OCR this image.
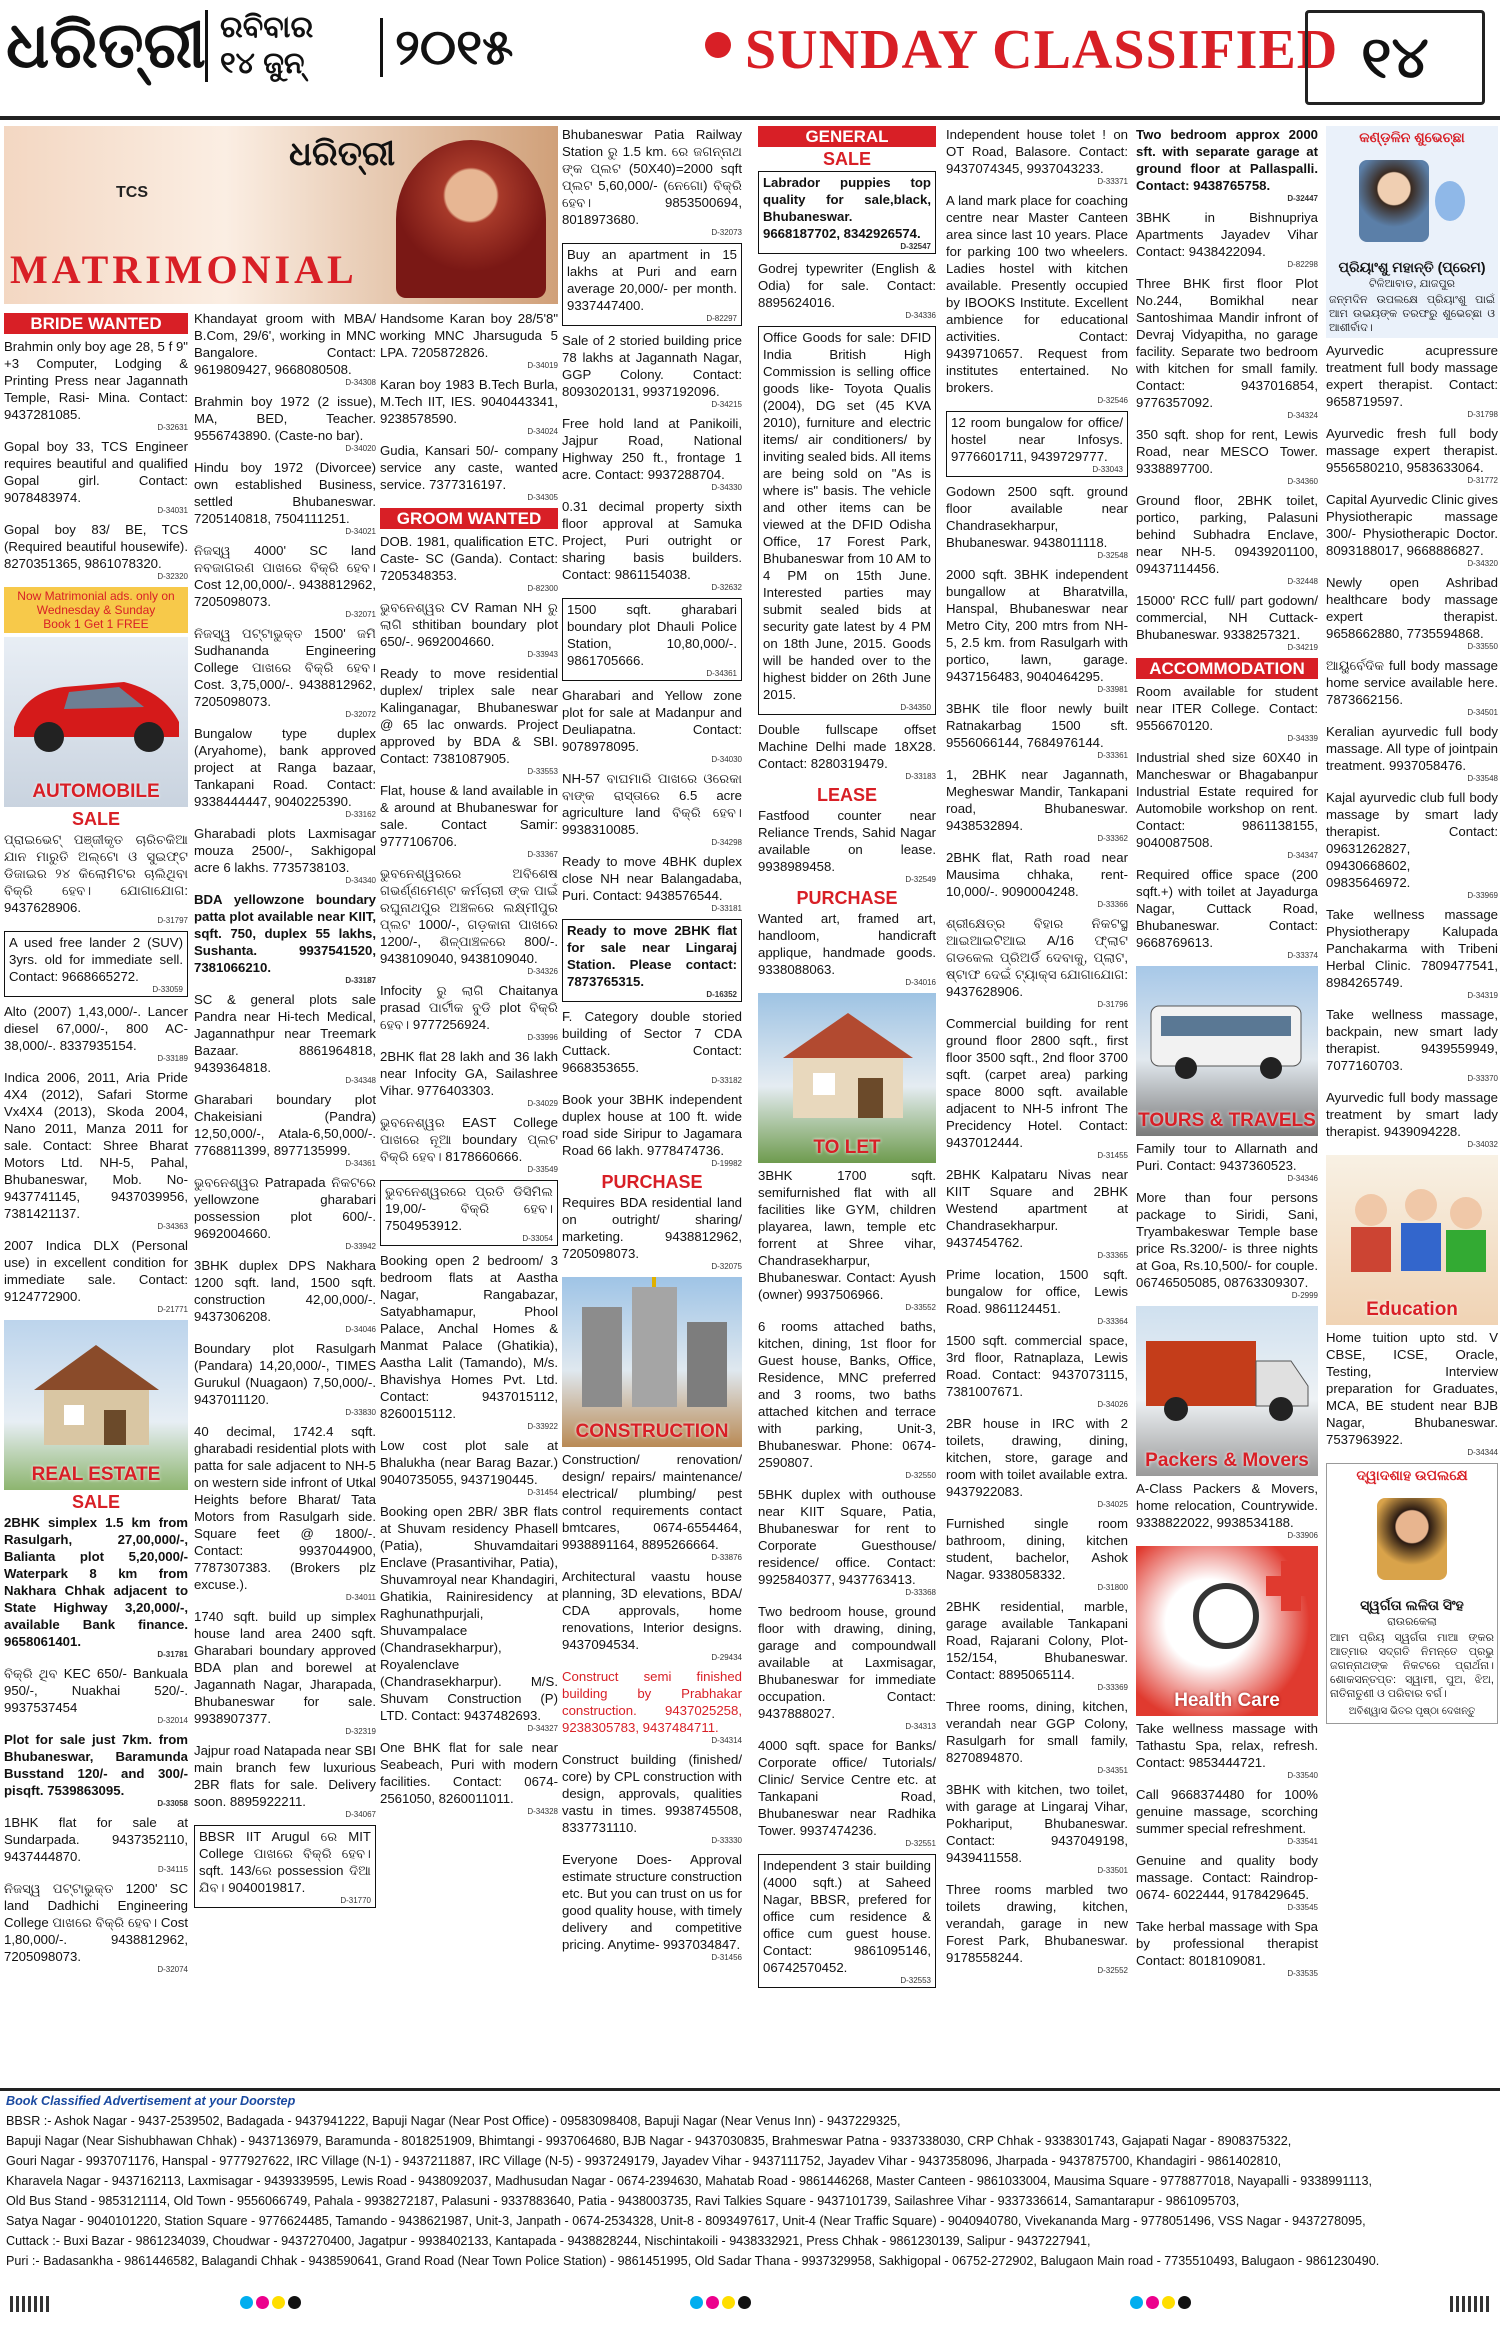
ଧରିତ୍ରୀ ରବିବାର
୧୪ ଜୁନ୍	୨୦୧୫	SUNDAY CLASSIFIED ୧୪
ଧରିତ୍ରୀ
TCS
MATRIMONIAL
BRIDE WANTED
Brahmin only boy age 28, 5 f 9" +3 Computer, Lodging & Printing Press near Jagannath Temple, Rasi- Mina. Contact: 9437281085.
D-32631
Gopal boy 33, TCS Engineer requires beautiful and qualified Gopal girl. Contact: 9078483974.
D-34031
Gopal boy 83/ BE, TCS (Required beautiful housewife). 8270351365, 9861078320.
D-32320
Now Matrimonial ads. only on Wednesday & Sunday
Book 1 Get 1 FREE
AUTOMOBILE
SALE
ପ୍ରାଇଭେଟ୍ ପଞ୍ଜୀକୃତ ଚାରିଚକିଆ ଯାନ ମାରୁତି ଅଲ୍ଟୋ ଓ ସୁଇଫ୍ଟ ଡିଜାଇର ୨୪ କିଲୋମିଟର ଚାଲିଥିବା ବିକ୍ରି ହେବ। ଯୋଗାଯୋଗ: 9437628906.
D-31797
A used free lander 2 (SUV) 3yrs. old for immediate sell. Contact: 9668665272.
D-33059
Alto (2007) 1,43,000/-. Lancer diesel 67,000/-, 800 AC- 38,000/-. 8337935154.
D-33189
Indica 2006, 2011, Aria Pride 4X4 (2012), Safari Storme Vx4X4 (2013), Skoda 2004, Nano 2011, Manza 2011 for sale. Contact: Shree Bharat Motors Ltd. NH-5, Pahal, Bhubaneswar, Mob. No- 9437741145, 9437039956, 7381421137.
D-34363
2007 Indica DLX (Personal use) in excellent condition for immediate sale. Contact: 9124772900.
D-21771
REAL ESTATE
SALE
2BHK simplex 1.5 km from Rasulgarh, 27,00,000/-, Balianta plot 5,20,000/- Waterpark 8 km from Nakhara Chhak adjacent to State Highway 3,20,000/-, available Bank finance. 9658061401.
D-31781
ବିକ୍ରି ଥିବ KEC 650/- Bankuala 950/-, Nuakhai 520/-. 9937537454
D-32014
Plot for sale just 7km. from Bhubaneswar, Baramunda Busstand 120/- and 300/- pisqft. 7539863095.
D-33058
1BHK flat for sale at Sundarpada. 9437352110, 9437444870.
D-34115
ନିଜସ୍ୱ ପଟ୍ଟାଭୁକ୍ତ 1200' SC land Dadhichi Engineering College ପାଖରେ ବିକ୍ରି ହେବ। Cost 1,80,000/-. 9438812962, 7205098073.
D-32074
Khandayat groom with MBA/ B.Com, 29/6', working in MNC Bangalore. Contact: 9619809427, 9668080508.
D-34308
Brahmin boy 1972 (2 issue), MA, BED, Teacher. 9556743890. (Caste-no bar).
D-34020
Hindu boy 1972 (Divorcee) own established Business, settled Bhubaneswar. 7205140818, 7504111251.
D-34021
ନିଜସ୍ୱ 4000' SC land ନବଜାଗରଣ ପାଖରେ ବିକ୍ରି ହେବ। Cost 12,00,000/-. 9438812962, 7205098073.
D-32071
ନିଜସ୍ୱ ପଟ୍ଟାଭୁକ୍ତ 1500' ଜମି Sudhananda Engineering College ପାଖରେ ବିକ୍ରି ହେବ। Cost. 3,75,000/-. 9438812962, 7205098073.
D-32072
Bungalow type duplex (Aryahome), bank approved project at Ranga bazaar, Tankapani Road. Contact: 9338444447, 9040225390.
D-33162
Gharabadi plots Laxmisagar mouza 2500/-, Sakhigopal acre 6 lakhs. 7735738103.
D-34340
BDA yellowzone boundary patta plot available near KIIT, sqft. 750, duplex 55 lakhs, Sushanta. 9937541520, 7381066210.
D-33187
SC & general plots sale Pandra near Hi-tech Medical, Jagannathpur near Treemark Bazaar. 8861964818, 9439364818.
D-34348
Gharabari boundary plot Chakeisiani (Pandra) 12,50,000/-, Atala-6,50,000/-. 7768811399, 8977135999.
D-34361
ଭୁବନେଶ୍ୱର Patrapada ନିକଟରେ yellowzone gharabari possession plot 600/-. 9692004660.
D-33942
3BHK duplex DPS Nakhara 1200 sqft. land, 1500 sqft. construction 42,00,000/-. 9437306208.
D-34046
Boundary plot Rasulgarh (Pandara) 14,20,000/-, TIMES Gurukul (Nuagaon) 7,50,000/-. 9437011120.
D-33830
40 decimal, 1742.4 sqft. gharabadi residential plots with patta for sale adjacent to NH-5 on western side infront of Utkal Heights before Bharat/ Tata Motors from Rasulgarh side. Square feet @ 1800/-. Contact: 9937044900, 7787307383. (Brokers plz excuse.).
D-34011
1740 sqft. build up simplex house land area 2400 sqft. Gharabari boundary approved BDA plan and borewel at Jagannath Nagar, Jharapada, Bhubaneswar for sale. 9938907377.
D-32319
Jajpur road Natapada near SBI main branch few luxurious 2BR flats for sale. Delivery soon. 8895922211.
D-34067
BBSR IIT Arugul ରେ MIT College ପାଖରେ ବିକ୍ରି ହେବ। sqft. 143/ରେ possession ଦିଆ ଯିବ। 9040019817.
D-31770
Handsome Karan boy 28/5'8" working MNC Jharsuguda 5 LPA. 7205872826.
D-34019
Karan boy 1983 B.Tech Burla, M.Tech IIT, IES. 9040443341, 9238578590.
D-34024
Gudia, Kansari 50/- company service any caste, wanted service. 7377316197.
D-34305
GROOM WANTED
DOB. 1981, qualification ETC. Caste- SC (Ganda). Contact: 7205348353.
D-82300
ଭୁବନେଶ୍ୱର CV Raman NH ରୁ ଲାଗି sthitiban boundary plot 650/-. 9692004660.
D-33943
Ready to move residential duplex/ triplex sale near Kalinganagar, Bhubaneswar @ 65 lac onwards. Project approved by BDA & SBI. Contact: 7381087905.
D-33553
Flat, house & land available in & around at Bhubaneswar for sale. Contact Samir: 9777106706.
D-33367
ଭୁବନେଶ୍ୱରରେ ଅବିଶେଷ ଗଭର୍ଣ୍ଣମେଣ୍ଟ କର୍ମଚାରୀ ଙ୍କ ପାଇଁ ରଘୁନାଥପୁର ଅଞ୍ଚଳରେ ଲକ୍ଷ୍ମୀପୁର ପ୍ଲଟ 1000/-, ଗଡ଼କାନା ପାଖରେ 1200/-, ଶିଳ୍ପାଞ୍ଚଳରେ 800/-. 9438109040, 9438109040.
D-34326
Infocity ରୁ ଲାଗି Chaitanya prasad ପାର୍ଟୀକ ବୁଡି plot ବିକ୍ରି ହେବ। 9777256924.
D-33996
2BHK flat 28 lakh and 36 lakh near Infocity GA, Sailashree Vihar. 9776403303.
D-34029
ଭୁବନେଶ୍ୱର EAST College ପାଖରେ ନୂଆ boundary ପ୍ଲଟ ବିକ୍ରି ହେବ। 8178660666.
D-33549
ଭୁବନେଶ୍ୱରରେ ପ୍ରତି ଡିସିମିଲ 19,00/- ବିକ୍ରି ହେବ। 7504953912.
D-33054
Booking open 2 bedroom/ 3 bedroom flats at Aastha Nagar, Rangabazar, Satyabhamapur, Phool Palace, Anchal Homes & Manmat Palace (Ghatikia), Aastha Lalit (Tamando), M/s. Bhavishya Homes Pvt. Ltd. Contact: 9437015112, 8260015112.
D-33922
Low cost plot sale at Bhalukha (near Barag Bazar.) 9040735055, 9437190445.
D-31454
Booking open 2BR/ 3BR flats at Shuvam residency Phasell (Patia), Shuvamdaitari Enclave (Prasantivihar, Patia), Shuvamroyal near Khandagiri, Ghatikia, Rainiresidency at Raghunathpurjali, Shuvampalace (Chandrasekharpur), Royalenclave (Chandrasekharpur). M/S. Shuvam Construction (P) LTD. Contact: 9437482693.
D-34327
One BHK flat for sale near Seabeach, Puri with modern facilities. Contact: 0674-2561050, 8260011011.
D-34328
Bhubaneswar Patia Railway Station ରୁ 1.5 km. ରେ ଜଗନ୍ନାଥ ଙ୍କ ପ୍ଲଟ (50X40)=2000 sqft ପ୍ଲଟ 5,60,000/- (ନେଗୋ) ବିକ୍ରି ହେବ। 9853500694, 8018973680.
D-32073
Buy an apartment in 15 lakhs at Puri and earn average 20,000/- per month. 9337447400.
D-82297
Sale of 2 storied building price 78 lakhs at Jagannath Nagar, GGP Colony. Contact: 8093020131, 9937192096.
D-34215
Free hold land at Panikoili, Jajpur Road, National Highway 250 ft., frontage 1 acre. Contact: 9937288704.
D-34330
0.31 decimal property sixth floor approval at Samuka Project, Puri outright or sharing basis builders. Contact: 9861154038.
D-32632
1500 sqft. gharabari boundary plot Dhauli Police Station, 10,80,000/-. 9861705666.
D-34361
Gharabari and Yellow zone plot for sale at Madanpur and Deuliapatna. Contact: 9078978095.
D-34030
NH-57 ବାଘମାରି ପାଖରେ ଓରେକା ବାଙ୍କ ରାସ୍ତାରେ 6.5 acre agriculture land ବିକ୍ରି ହେବ। 9938310085.
D-34298
Ready to move 4BHK duplex close NH near Balangadaba, Puri. Contact: 9438576544.
D-33181
Ready to move 2BHK flat for sale near Lingaraj Station. Please contact: 7873765315.
D-16352
F. Category double storied building of Sector 7 CDA Cuttack. Contact: 9668353655.
D-33182
Book your 3BHK independent duplex house at 100 ft. wide road side Siripur to Jagamara Road 66 lakh. 9778474736.
D-19982
PURCHASE
Requires BDA residential land on outright/ sharing/ marketing. 9438812962, 7205098073.
D-32075
CONSTRUCTION
Construction/ renovation/ design/ repairs/ maintenance/ electrical/ plumbing/ pest control requirements contact bmtcares, 0674-6554464, 9938891164, 8895266664.
D-33876
Architectural vaastu house planning, 3D elevations, BDA/ CDA approvals, home renovations, Interior designs. 9437094534.
D-29434
Construct semi finished building by Prabhakar construction. 9437025258, 9238305783, 9437484711.
D-34314
Construct building (finished/ core) by CPL construction with design, approvals, qualities vastu in times. 9938745508, 8337731110.
D-33330
Everyone Does- Approval estimate structure construction etc. But you can trust on us for good quality house, with timely delivery and competitive pricing. Anytime- 9937034847.
D-31456
GENERAL
SALE
Labrador puppies top quality for sale,black, Bhubaneswar. 9668187702, 8342926574.
D-32547
Godrej typewriter (English & Odia) for sale. Contact: 8895624016.
D-34336
Office Goods for sale: DFID India British High Commission is selling office goods like- Toyota Qualis (2004), DG set (45 KVA 2010), furniture and electric items/ air conditioners/ by inviting sealed bids. All items are being sold on "As is where is" basis. The vehicle and other items can be viewed at the DFID Odisha Office, 17 Forest Park, Bhubaneswar from 10 AM to 4 PM on 15th June. Interested parties may submit sealed bids at security gate latest by 4 PM on 18th June, 2015. Goods will be handed over to the highest bidder on 26th June 2015.
D-34350
Double fullscape offset Machine Delhi made 18X28. Contact: 8280319479.
D-33183
LEASE
Fastfood counter near Reliance Trends, Sahid Nagar available on lease. 9938989458.
D-32549
PURCHASE
Wanted art, framed art, handloom, handicraft applique, handmade goods. 9338088063.
D-34016
TO LET
3BHK 1700 sqft. semifurnished flat with all facilities like GYM, children playarea, lawn, temple etc forrent at Shree vihar, Chandrasekharpur, Bhubaneswar. Contact: Ayush (owner) 9937506966.
D-33552
6 rooms attached baths, kitchen, dining, 1st floor for Guest house, Banks, Office, Residence, MNC preferred and 3 rooms, two baths attached kitchen and terrace with parking, Unit-3, Bhubaneswar. Phone: 0674-2590807.
D-32550
5BHK duplex with outhouse near KIIT Square, Patia, Bhubaneswar for rent to Corporate Guesthouse/ residence/ office. Contact: 9925840377, 9437763413.
D-33368
Two bedroom house, ground floor with drawing, dining, garage and compoundwall available at Laxmisagar, Bhubaneswar for immediate occupation. Contact: 9437888027.
D-34313
4000 sqft. space for Banks/ Corporate office/ Tutorials/ Clinic/ Service Centre etc. at Tankapani Road, Bhubaneswar near Radhika Tower. 9937474236.
D-32551
Independent 3 stair building (4000 sqft.) at Saheed Nagar, BBSR, prefered for office cum residence & office cum guest house. Contact: 9861095146, 06742570452.
D-32553
Independent house tolet ! on OT Road, Balasore. Contact: 9437074345, 9937043233.
D-33371
A land mark place for coaching centre near Master Canteen area since last 10 years. Place for parking 100 two wheelers. Ladies hostel with kitchen available. Presently occupied by IBOOKS Institute. Excellent ambience for educational activities. Contact: 9439710657. Request from institutes entertained. No brokers.
D-32546
12 room bungalow for office/ hostel near Infosys. 9776601711, 9439729777.
D-33043
Godown 2500 sqft. ground floor available near Chandrasekharpur, Bhubaneswar. 9438011118.
D-32548
2000 sqft. 3BHK independent bungallow at Bharatvilla, Hanspal, Bhubaneswar near Metro City, 200 mtrs from NH-5, 2.5 km. from Rasulgarh with portico, lawn, garage. 9437156483, 9040464295.
D-33981
3BHK tile floor newly built Ratnakarbag 1500 sft. 9556066144, 7684976144.
D-33361
1, 2BHK near Jagannath, Megheswar Mandir, Tankapani road, Bhubaneswar. 9438532894.
D-33362
2BHK flat, Rath road near Mausima chhaka, rent- 10,000/-. 9090004248.
D-33366
ଶ୍ରୀକ୍ଷେତ୍ର ବିହାର ନିକଟସ୍ଥ ଆଇଆଇଟିଆଇ A/16 ଫ୍ଲାଟ ଗଡକେଲ ପ୍ରିଅର୍ଡି ଦେବାକୁ, ପ୍ଲାଟ, ଷ୍ଟାଫ ଦେଇଁ ଟ୍ୟାକ୍ସ ଯୋଗାଯୋଗ: 9437628906.
D-31796
Commercial building for rent ground floor 2800 sqft., first floor 3500 sqft., 2nd floor 3700 sqft. (carpet area) parking space 8000 sqft. available adjacent to NH-5 infront The Precidency Hotel. Contact: 9437012444.
D-31455
2BHK Kalpataru Nivas near KIIT Square and 2BHK Westend apartment at Chandrasekharpur. 9437454762.
D-33365
Prime location, 1500 sqft. bungalow for office, Lewis Road. 9861124451.
D-33364
1500 sqft. commercial space, 3rd floor, Ratnaplaza, Lewis Road. Contact: 9437073115, 7381007671.
D-34026
2BR house in IRC with 2 toilets, drawing, dining, kitchen, store, garage and room with toilet available extra. 9437922083.
D-34025
Furnished single room bathroom, dining, kitchen student, bachelor, Ashok Nagar. 9338058332.
D-31800
2BHK residential, marble, garage available Tankapani Road, Rajarani Colony, Plot-152/154, Bhubaneswar. Contact: 8895065114.
D-33369
Three rooms, dining, kitchen, verandah near GGP Colony, Rasulgarh for small family, 8270894870.
D-34351
3BHK with kitchen, two toilet, with garage at Lingaraj Vihar, Pokhariput, Bhubaneswar. Contact: 9437049198, 9439411558.
D-33501
Three rooms marbled two toilets drawing, kitchen, verandah, garage in new Forest Park, Bhubaneswar. 9178558244.
D-32552
Two bedroom approx 2000 sft. with separate garage at ground floor at Pallaspalli. Contact: 9438765758.
D-32447
3BHK in Bishnupriya Apartments Jayadev Vihar Contact: 9438422094.
D-82298
Three BHK first floor Plot No.244, Bomikhal near Santoshimaa Mandir infront of Devraj Vidyapitha, no garage facility. Separate two bedroom with kitchen for small family. Contact: 9437016854, 9776357092.
D-34324
350 sqft. shop for rent, Lewis Road, near MESCO Tower. 9338897700.
D-34360
Ground floor, 2BHK toilet, portico, parking, Palasuni behind Subhadra Enclave, near NH-5. 09439201100, 09437114456.
D-32448
15000' RCC full/ part godown/ commercial, NH Cuttack- Bhubaneswar. 9338257321.
D-34219
ACCOMMODATION
Room available for student near ITER College. Contact: 9556670120.
D-34339
Industrial shed size 60X40 in Mancheswar or Bhagabanpur Industrial Estate required for Automobile workshop on rent. Contact: 9861138155, 9040087508.
D-34347
Required office space (200 sqft.+) with toilet at Jayadurga Nagar, Cuttack Road, Bhubaneswar. Contact: 9668769613.
D-33374
TOURS & TRAVELS
Family tour to Allarnath and Puri. Contact: 9437360523.
D-34346
More than four persons package to Siridi, Sani, Tryambakeswar Temple base price Rs.3200/- is three nights at Goa, Rs.10,500/- for couple. 06746505085, 08763309307.
D-2999
Packers & Movers
A-Class Packers & Movers, home relocation, Countrywide. 9338822022, 9938534188.
D-33906
Health Care
Take wellness massage with Tathastu Spa, relax, refresh. Contact: 9853444721.
D-33540
Call 9668374480 for 100% genuine massage, scorching summer special refreshment.
D-33541
Genuine and quality body massage. Contact: Raindrop- 0674- 6022444, 9178429645.
D-33545
Take herbal massage with Spa by professional therapist Contact: 8018109081.
D-33535
କଣ୍ଡ଼ଳିନ ଶୁଭେଚ୍ଛା
ପ୍ରିୟାଂଶୁ ମହାନ୍ତି (ପ୍ରେମ)
ଟିଳିଆବାଡ, ଯାଜପୁର
ଜନ୍ମଦିନ ଉପଲକ୍ଷେ ପ୍ରିୟାଂଶୁ ପାଇଁ ଆମ ଉଭୟଙ୍କ ତରଫରୁ ଶୁଭେଚ୍ଛା ଓ ଆଶୀର୍ବାଦ।
Ayurvedic acupressure treatment full body massage expert therapist. Contact: 9658719597.
D-31798
Ayurvedic fresh full body massage expert therapist. 9556580210, 9583633064.
D-31772
Capital Ayurvedic Clinic gives Physiotherapic massage 300/- Physiotherapic Doctor. 8093188017, 9668886827.
D-34320
Newly open Ashribad healthcare body massage expert therapist. 9658662880, 7735594868.
D-33550
ଆୟୁର୍ବେଦିକ full body massage home service available here. 7873662156.
D-34501
Keralian ayurvedic full body massage. All type of jointpain treatment. 9937058476.
D-33548
Kajal ayurvedic club full body massage by smart lady therapist. Contact: 09631262827, 09430668602, 09835646972.
D-33969
Take wellness massage Physiotherapy Kalupada Panchakarma with Tribeni Herbal Clinic. 7809477541, 8984265749.
D-34319
Take wellness massage, backpain, new smart lady therapist. 9439559949, 7077160703.
D-33370
Ayurvedic full body massage treatment by smart lady therapist. 9439094228.
D-34032
Education
Home tuition upto std. V CBSE, ICSE, Oracle, Testing, Interview preparation for Graduates, MCA, BE student near BJB Nagar, Bhubaneswar. 7537963922.
D-34344
ଦ୍ୱାଦଶାହ ଉପଲକ୍ଷେ
ସ୍ୱର୍ଗତା ଲଳିତା ସିଂହ
ରାଉରକେଲା
ଆମ ପ୍ରିୟ ସ୍ୱର୍ଗତା ମାଆ ଙ୍କର ଆତ୍ମାର ସଦ୍‌ଗତି ନିମନ୍ତେ ପ୍ରଭୁ ଜଗନ୍ନାଥଙ୍କ ନିକଟରେ ପ୍ରାର୍ଥନା। ଶୋକସନ୍ତପ୍ତ: ସ୍ୱାମୀ, ପୁଅ, ଝିଅ, ନାତିନାତୁଣୀ ଓ ପରିବାର ବର୍ଗ।
ଅବିଶ୍ୱାସ ଭିତର ପୃଷ୍ଠା ଦେଖନ୍ତୁ
Book Classified Advertisement at your Doorstep
BBSR :- Ashok Nagar - 9437-2539502, Badagada - 9437941222, Bapuji Nagar (Near Post Office) - 09583098408, Bapuji Nagar (Near Venus Inn) - 9437229325,
Bapuji Nagar (Near Sishubhawan Chhak) - 9437136979, Baramunda - 8018251909, Bhimtangi - 9937064680, BJB Nagar - 9437030835, Brahmeswar Patna - 9337338030, CRP Chhak - 9338301743, Gajapati Nagar - 8908375322,
Gouri Nagar - 9937071176, Hanspal - 9777927622, IRC Village (N-1) - 9437211887, IRC Village (N-5) - 9937249179, Jayadev Vihar - 9437111752, Jayadev Vihar - 9437358096, Jharpada - 9437875700, Khandagiri - 9861402810,
Kharavela Nagar - 9437162113, Laxmisagar - 9439339595, Lewis Road - 9438092037, Madhusudan Nagar - 0674-2394630, Mahatab Road - 9861446268, Master Canteen - 9861033004, Mausima Square - 9778877018, Nayapalli - 9338991113,
Old Bus Stand - 9853121114, Old Town - 9556066749, Pahala - 9938272187, Palasuni - 9337883640, Patia - 9438003735, Ravi Talkies Square - 9437101739, Sailashree Vihar - 9337336614, Samantarapur - 9861095703,
Satya Nagar - 9040101220, Station Square - 9776624485, Tamando - 9438621987, Unit-3, Janpath - 0674-2534328, Unit-8 - 8093497617, Unit-4 (Near Traffic Square) - 9040940780, Vivekananda Marg - 9778051496, VSS Nagar - 9437278095,
Cuttack :- Buxi Bazar - 9861234039, Choudwar - 9437270400, Jagatpur - 9938402133, Kantapada - 9438828244, Nischintakoili - 9438332921, Press Chhak - 9861230139, Salipur - 9437227941,
Puri :- Badasankha - 9861446582, Balagandi Chhak - 9438590641, Grand Road (Near Town Police Station) - 9861451995, Old Sadar Thana - 9937329958, Sakhigopal - 06752-272902, Balugaon Main road - 7735510493, Balugaon - 9861230490.
